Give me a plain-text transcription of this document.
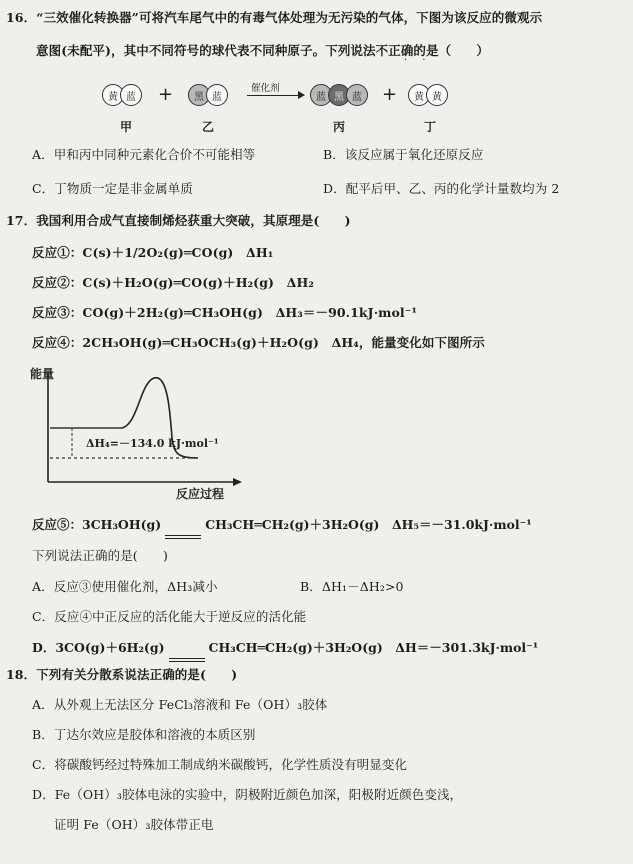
16．“三效催化转换器”可将汽车尾气中的有毒气体处理为无污染的气体，下图为该反应的微观示
意图(未配平)，其中不同符号的球代表不同种原子。下列说法不正确的是（　　）
· ·
黄 蓝	+	黑 蓝
催化剂
蓝 黑 蓝	+	黄 黄
甲	乙	丙	丁
A．甲和丙中同种元素化合价不可能相等	B．该反应属于氧化还原反应
C．丁物质一定是非金属单质	D．配平后甲、乙、丙的化学计量数均为 2
17．我国利用合成气直接制烯烃获重大突破，其原理是(　　)
反应①：C(s)＋1/2O₂(g)═CO(g)　ΔH₁
反应②：C(s)＋H₂O(g)═CO(g)＋H₂(g)　ΔH₂
反应③：CO(g)＋2H₂(g)═CH₃OH(g)　ΔH₃＝－90.1kJ·mol⁻¹
反应④：2CH₃OH(g)═CH₃OCH₃(g)＋H₂O(g)　ΔH₄，能量变化如下图所示
能量
ΔH₄=－134.0 kJ·mol⁻¹
反应过程
反应⑤：3CH₃OH(g)	CH₃CH═CH₂(g)＋3H₂O(g)　ΔH₅＝－31.0kJ·mol⁻¹
下列说法正确的是(　　)
A．反应③使用催化剂，ΔH₃减小	B．ΔH₁－ΔH₂>0
C．反应④中正反应的活化能大于逆反应的活化能
D．3CO(g)＋6H₂(g)	CH₃CH═CH₂(g)＋3H₂O(g)　ΔH＝－301.3kJ·mol⁻¹
18．下列有关分散系说法正确的是(　　)
A．从外观上无法区分 FeCl₃溶液和 Fe（OH）₃胶体
B．丁达尔效应是胶体和溶液的本质区别
C．将碳酸钙经过特殊加工制成纳米碳酸钙，化学性质没有明显变化
D．Fe（OH）₃胶体电泳的实验中，阴极附近颜色加深，阳极附近颜色变浅，
证明 Fe（OH）₃胶体带正电
